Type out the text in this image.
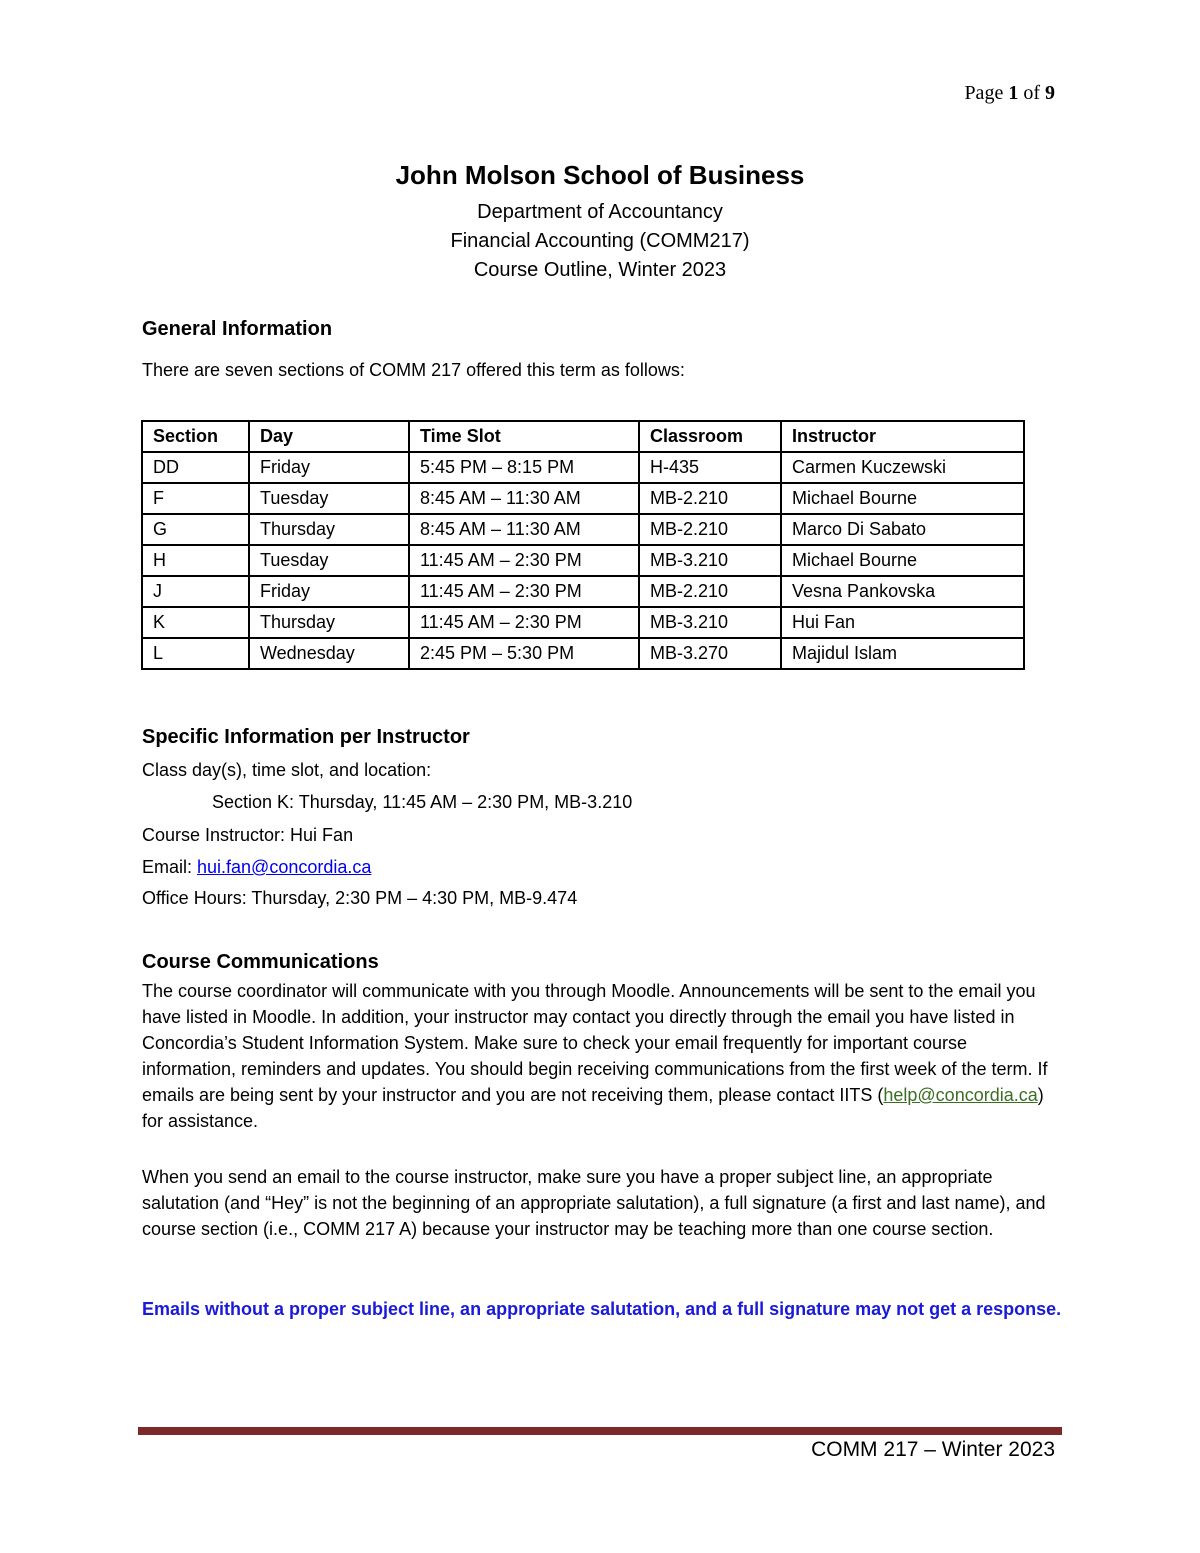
Page 1 of 9

John Molson School of Business

Department of Accountancy

Financial Accounting (COMM217)

Course Outline, Winter 2023

General Information

There are seven sections of COMM 217 offered this term as follows:

Section	Day	Time Slot	Classroom	Instructor
DD	Friday	5:45 PM – 8:15 PM	H-435	Carmen Kuczewski
F	Tuesday	8:45 AM – 11:30 AM	MB-2.210	Michael Bourne
G	Thursday	8:45 AM – 11:30 AM	MB-2.210	Marco Di Sabato
H	Tuesday	11:45 AM – 2:30 PM	MB-3.210	Michael Bourne
J	Friday	11:45 AM – 2:30 PM	MB-2.210	Vesna Pankovska
K	Thursday	11:45 AM – 2:30 PM	MB-3.210	Hui Fan
L	Wednesday	2:45 PM – 5:30 PM	MB-3.270	Majidul Islam

Specific Information per Instructor

Class day(s), time slot, and location:

Section K: Thursday, 11:45 AM – 2:30 PM, MB-3.210

Course Instructor: Hui Fan

Email: hui.fan@concordia.ca

Office Hours: Thursday, 2:30 PM – 4:30 PM, MB-9.474

Course Communications

The course coordinator will communicate with you through Moodle. Announcements will be sent to the email you have listed in Moodle. In addition, your instructor may contact you directly through the email you have listed in Concordia’s Student Information System. Make sure to check your email frequently for important course information, reminders and updates. You should begin receiving communications from the first week of the term. If emails are being sent by your instructor and you are not receiving them, please contact IITS (help@concordia.ca) for assistance.

When you send an email to the course instructor, make sure you have a proper subject line, an appropriate salutation (and “Hey” is not the beginning of an appropriate salutation), a full signature (a first and last name), and course section (i.e., COMM 217 A) because your instructor may be teaching more than one course section.

Emails without a proper subject line, an appropriate salutation, and a full signature may not get a response.

COMM 217 – Winter 2023
